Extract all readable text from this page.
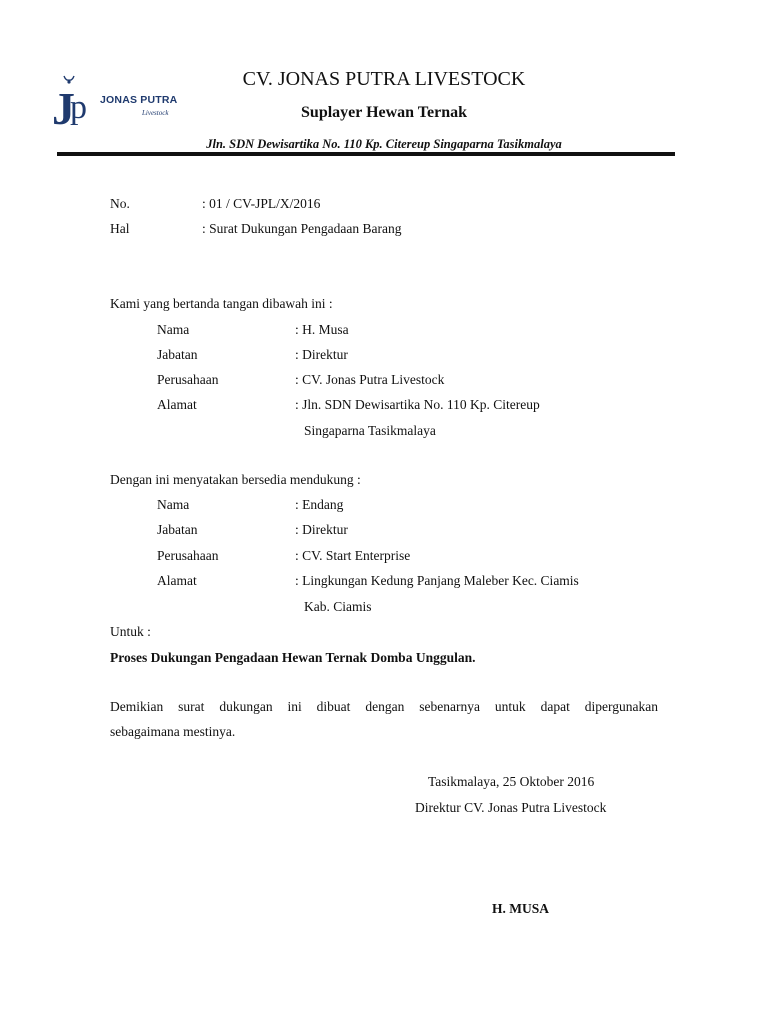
J
p JONAS PUTRA
Livestock
CV. JONAS PUTRA LIVESTOCK
Suplayer Hewan Ternak
Jln. SDN Dewisartika No. 110 Kp. Citereup Singaparna Tasikmalaya
No.	: 01 / CV-JPL/X/2016
Hal	: Surat Dukungan Pengadaan Barang
Kami yang bertanda tangan dibawah ini :
Nama	: H. Musa
Jabatan	: Direktur
Perusahaan	: CV. Jonas Putra Livestock
Alamat	: Jln. SDN Dewisartika No. 110 Kp. Citereup
Singaparna Tasikmalaya
Dengan ini menyatakan bersedia mendukung :
Nama	: Endang
Jabatan	: Direktur
Perusahaan	: CV. Start Enterprise
Alamat	: Lingkungan Kedung Panjang Maleber Kec. Ciamis
Kab. Ciamis
Untuk :
Proses Dukungan Pengadaan Hewan Ternak Domba Unggulan.
Demikian surat dukungan ini dibuat dengan sebenarnya untuk dapat dipergunakan
sebagaimana mestinya.
Tasikmalaya, 25 Oktober 2016
Direktur CV. Jonas Putra Livestock
H. MUSA
